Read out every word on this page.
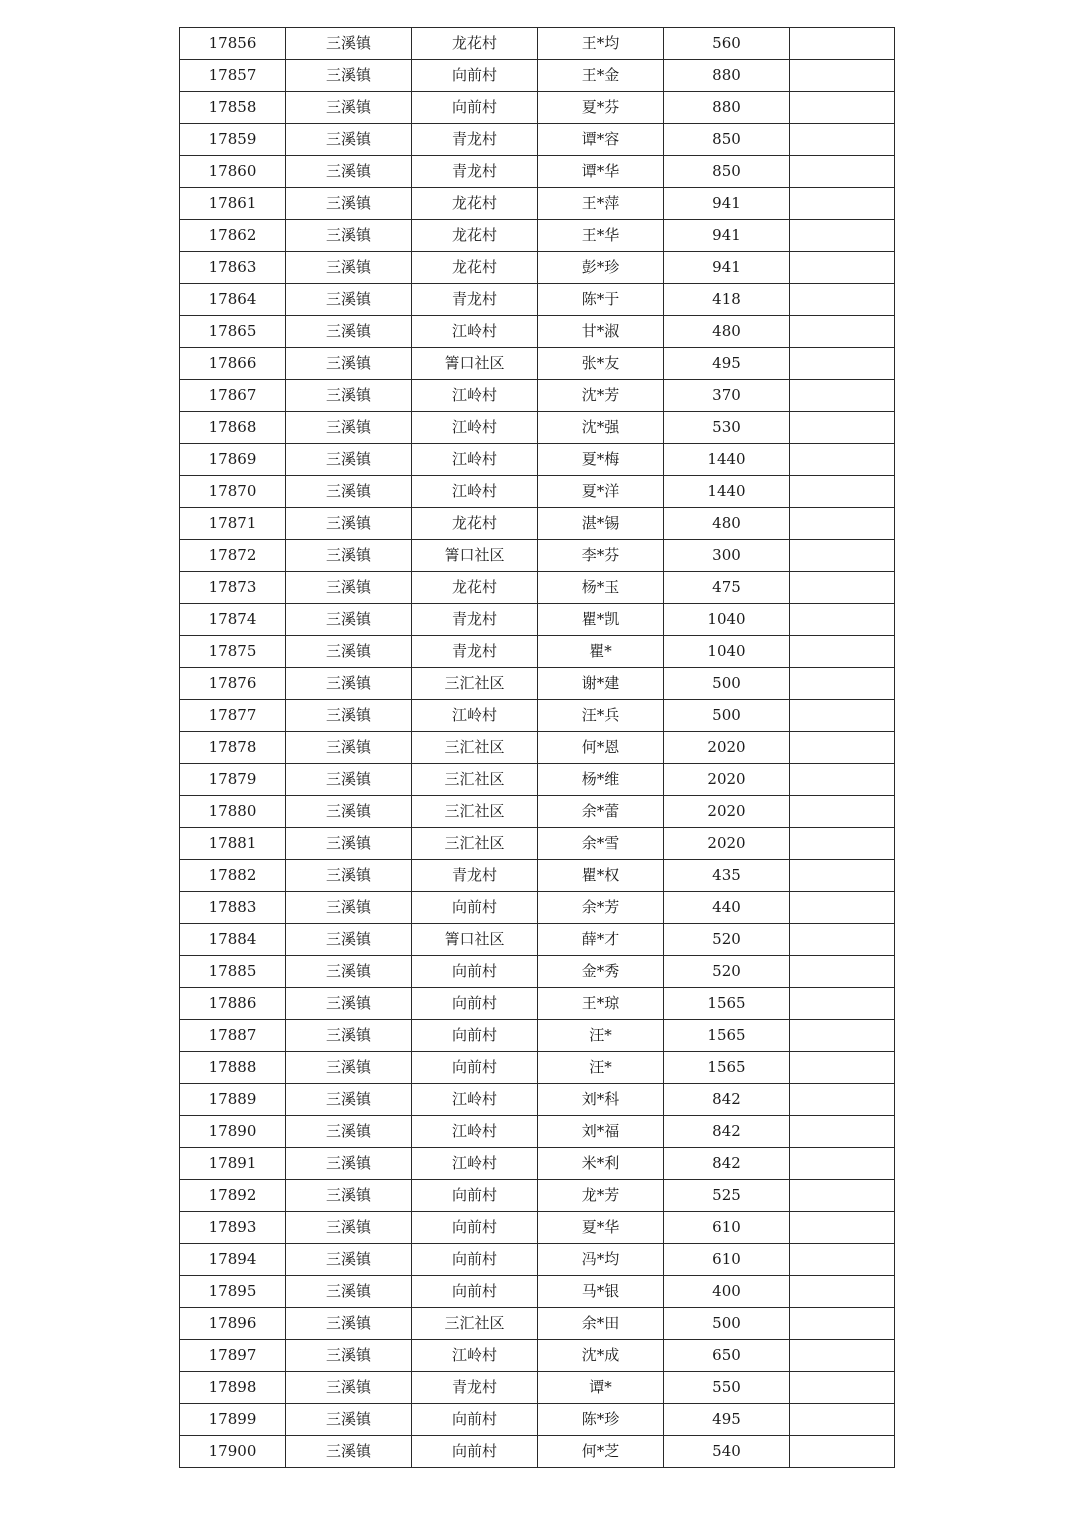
17856	三溪镇	龙花村	王*均	560	
17857	三溪镇	向前村	王*金	880	
17858	三溪镇	向前村	夏*芬	880	
17859	三溪镇	青龙村	谭*容	850	
17860	三溪镇	青龙村	谭*华	850	
17861	三溪镇	龙花村	王*萍	941	
17862	三溪镇	龙花村	王*华	941	
17863	三溪镇	龙花村	彭*珍	941	
17864	三溪镇	青龙村	陈*于	418	
17865	三溪镇	江岭村	甘*淑	480	
17866	三溪镇	箐口社区	张*友	495	
17867	三溪镇	江岭村	沈*芳	370	
17868	三溪镇	江岭村	沈*强	530	
17869	三溪镇	江岭村	夏*梅	1440	
17870	三溪镇	江岭村	夏*洋	1440	
17871	三溪镇	龙花村	湛*锡	480	
17872	三溪镇	箐口社区	李*芬	300	
17873	三溪镇	龙花村	杨*玉	475	
17874	三溪镇	青龙村	瞿*凯	1040	
17875	三溪镇	青龙村	瞿*	1040	
17876	三溪镇	三汇社区	谢*建	500	
17877	三溪镇	江岭村	汪*兵	500	
17878	三溪镇	三汇社区	何*恩	2020	
17879	三溪镇	三汇社区	杨*维	2020	
17880	三溪镇	三汇社区	余*蕾	2020	
17881	三溪镇	三汇社区	余*雪	2020	
17882	三溪镇	青龙村	瞿*权	435	
17883	三溪镇	向前村	余*芳	440	
17884	三溪镇	箐口社区	薛*才	520	
17885	三溪镇	向前村	金*秀	520	
17886	三溪镇	向前村	王*琼	1565	
17887	三溪镇	向前村	汪*	1565	
17888	三溪镇	向前村	汪*	1565	
17889	三溪镇	江岭村	刘*科	842	
17890	三溪镇	江岭村	刘*福	842	
17891	三溪镇	江岭村	米*利	842	
17892	三溪镇	向前村	龙*芳	525	
17893	三溪镇	向前村	夏*华	610	
17894	三溪镇	向前村	冯*均	610	
17895	三溪镇	向前村	马*银	400	
17896	三溪镇	三汇社区	余*田	500	
17897	三溪镇	江岭村	沈*成	650	
17898	三溪镇	青龙村	谭*	550	
17899	三溪镇	向前村	陈*珍	495	
17900	三溪镇	向前村	何*芝	540	
